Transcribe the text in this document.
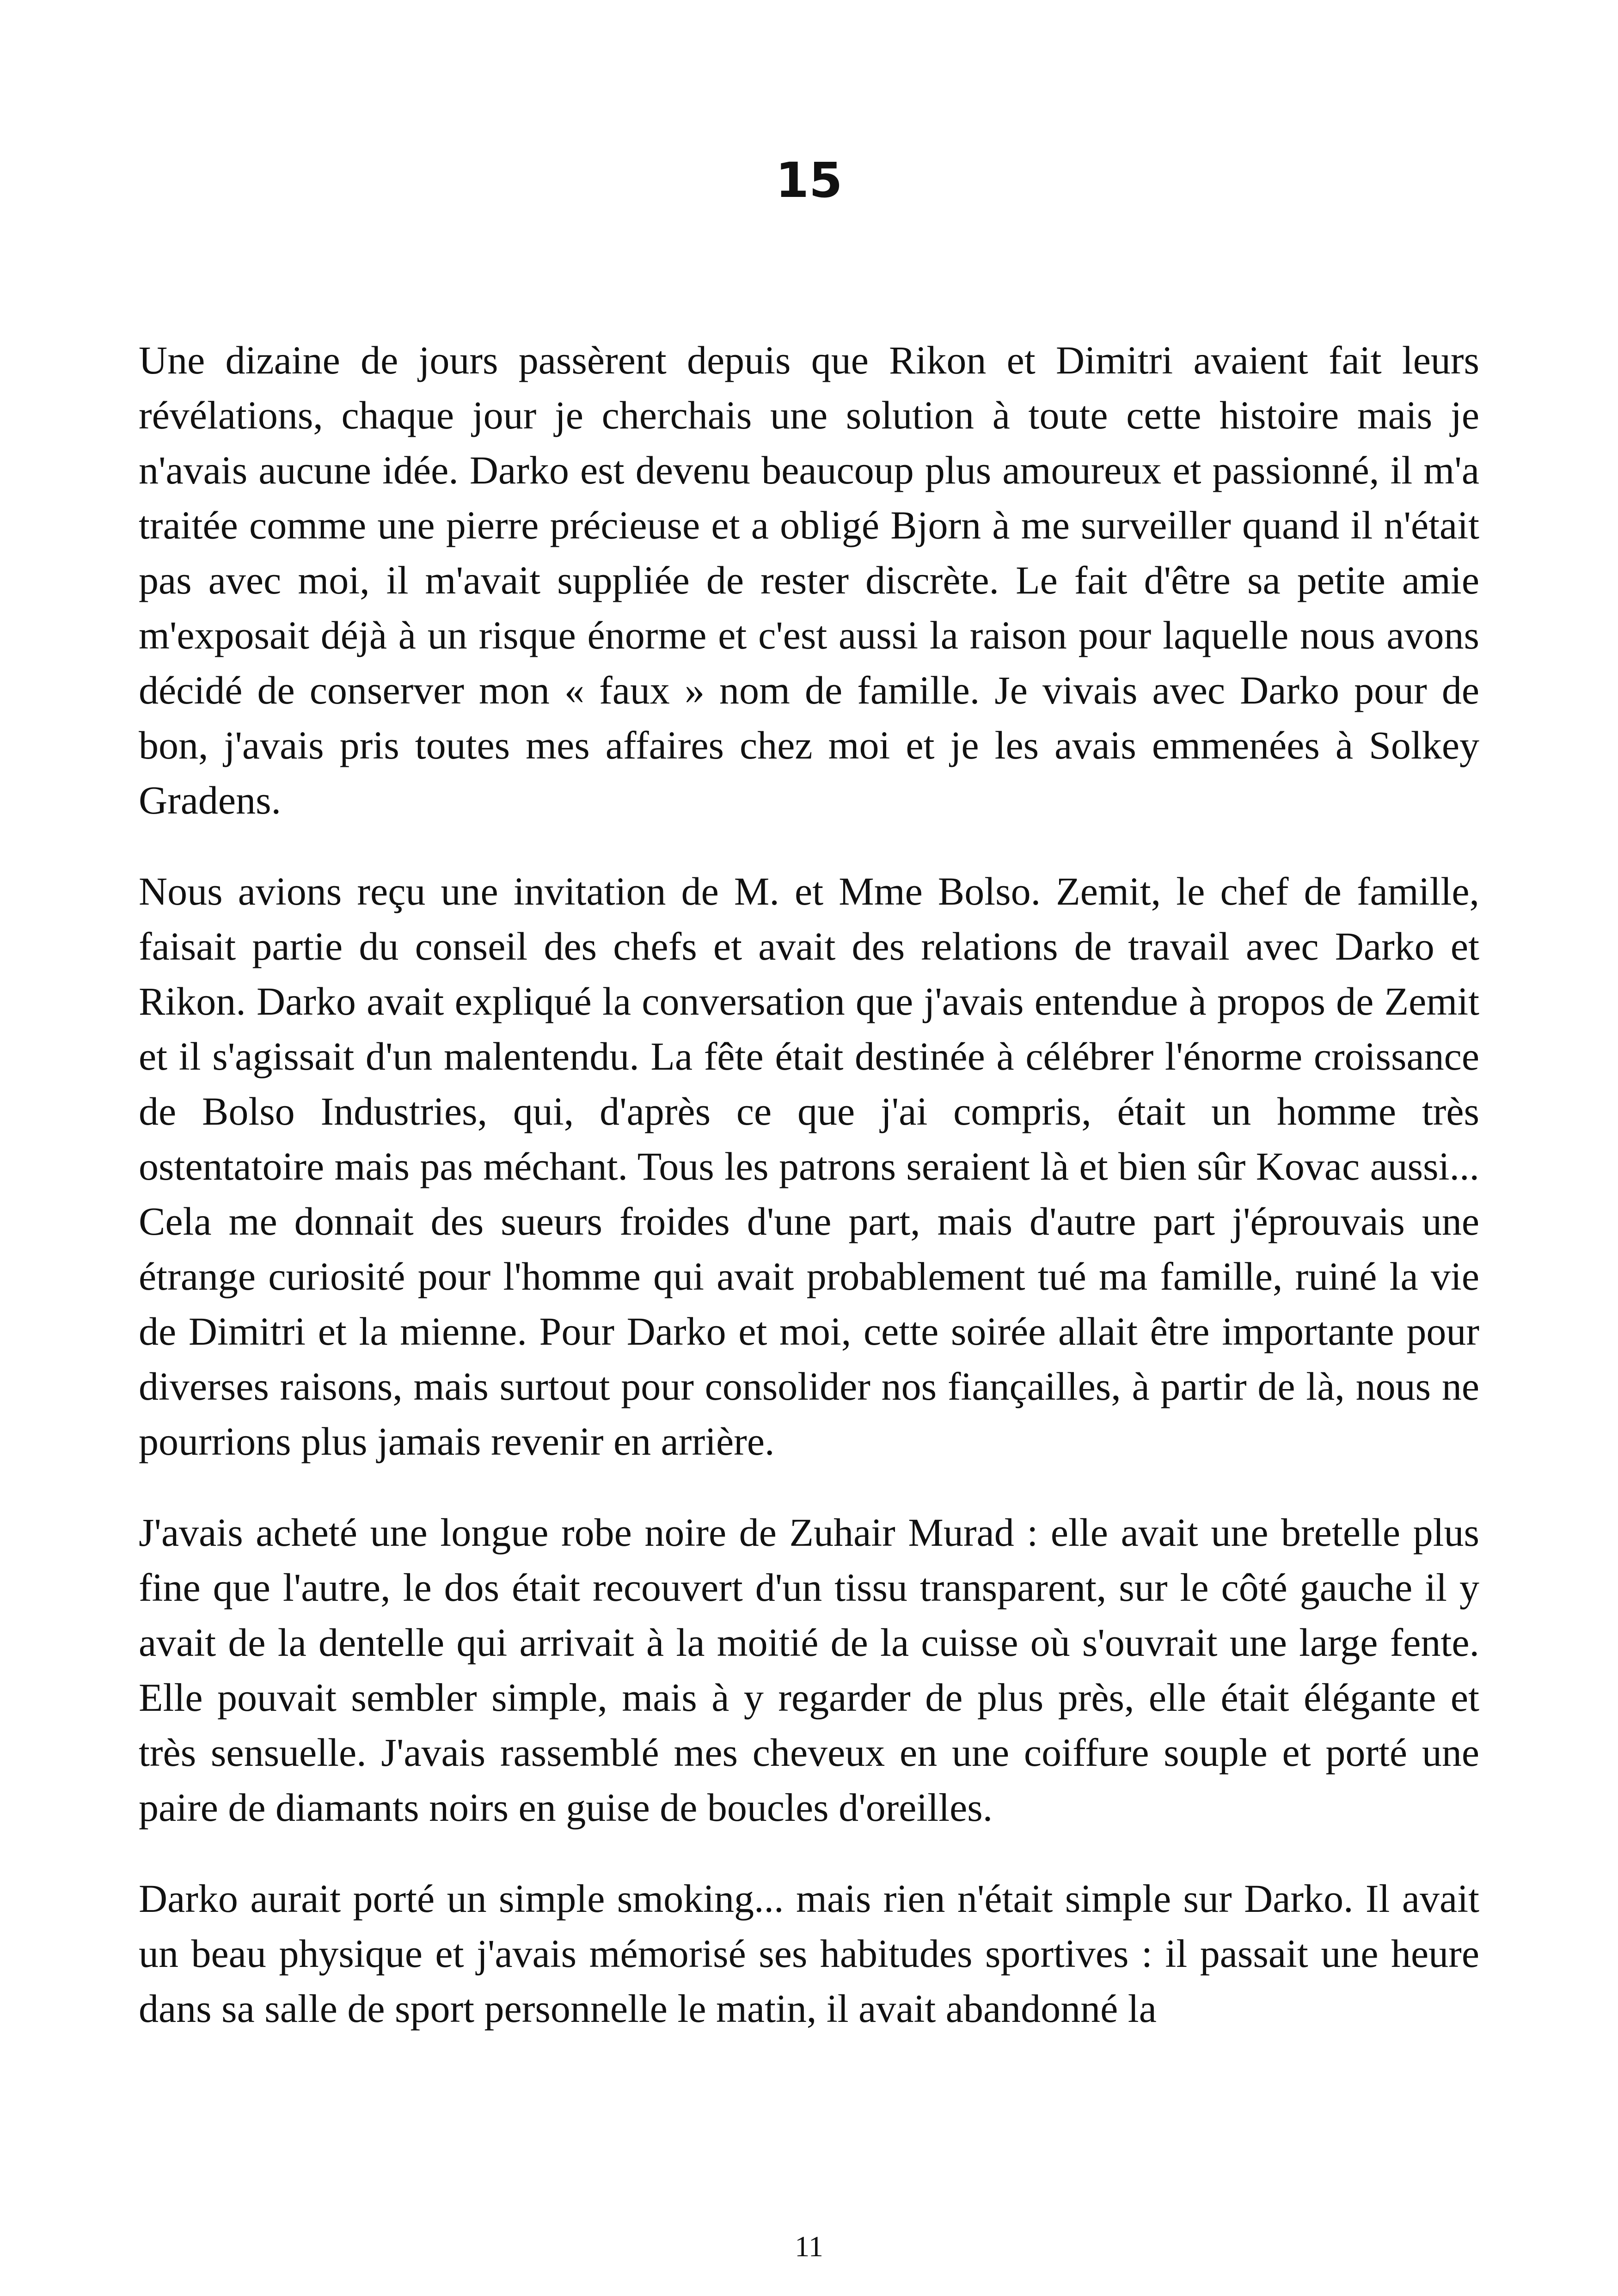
15

Une dizaine de jours passèrent depuis que Rikon et Dimitri avaient fait leurs révélations, chaque jour je cherchais une solution à toute cette histoire mais je n'avais aucune idée. Darko est devenu beaucoup plus amoureux et passionné, il m'a traitée comme une pierre précieuse et a obligé Bjorn à me surveiller quand il n'était pas avec moi, il m'avait suppliée de rester discrète. Le fait d'être sa petite amie m'exposait déjà à un risque énorme et c'est aussi la raison pour laquelle nous avons décidé de conserver mon « faux » nom de famille. Je vivais avec Darko pour de bon, j'avais pris toutes mes affaires chez moi et je les avais emmenées à Solkey Gradens.

Nous avions reçu une invitation de M. et Mme Bolso. Zemit, le chef de famille, faisait partie du conseil des chefs et avait des relations de travail avec Darko et Rikon. Darko avait expliqué la conversation que j'avais entendue à propos de Zemit et il s'agissait d'un malentendu. La fête était destinée à célébrer l'énorme croissance de Bolso Industries, qui, d'après ce que j'ai compris, était un homme très ostentatoire mais pas méchant. Tous les patrons seraient là et bien sûr Kovac aussi... Cela me donnait des sueurs froides d'une part, mais d'autre part j'éprouvais une étrange curiosité pour l'homme qui avait probablement tué ma famille, ruiné la vie de Dimitri et la mienne. Pour Darko et moi, cette soirée allait être importante pour diverses raisons, mais surtout pour consolider nos fiançailles, à partir de là, nous ne pourrions plus jamais revenir en arrière.

J'avais acheté une longue robe noire de Zuhair Murad : elle avait une bretelle plus fine que l'autre, le dos était recouvert d'un tissu transparent, sur le côté gauche il y avait de la dentelle qui arrivait à la moitié de la cuisse où s'ouvrait une large fente. Elle pouvait sembler simple, mais à y regarder de plus près, elle était élégante et très sensuelle. J'avais rassemblé mes cheveux en une coiffure souple et porté une paire de diamants noirs en guise de boucles d'oreilles.

Darko aurait porté un simple smoking... mais rien n'était simple sur Darko. Il avait un beau physique et j'avais mémorisé ses habitudes sportives : il passait une heure dans sa salle de sport personnelle le matin, il avait abandonné la

11
